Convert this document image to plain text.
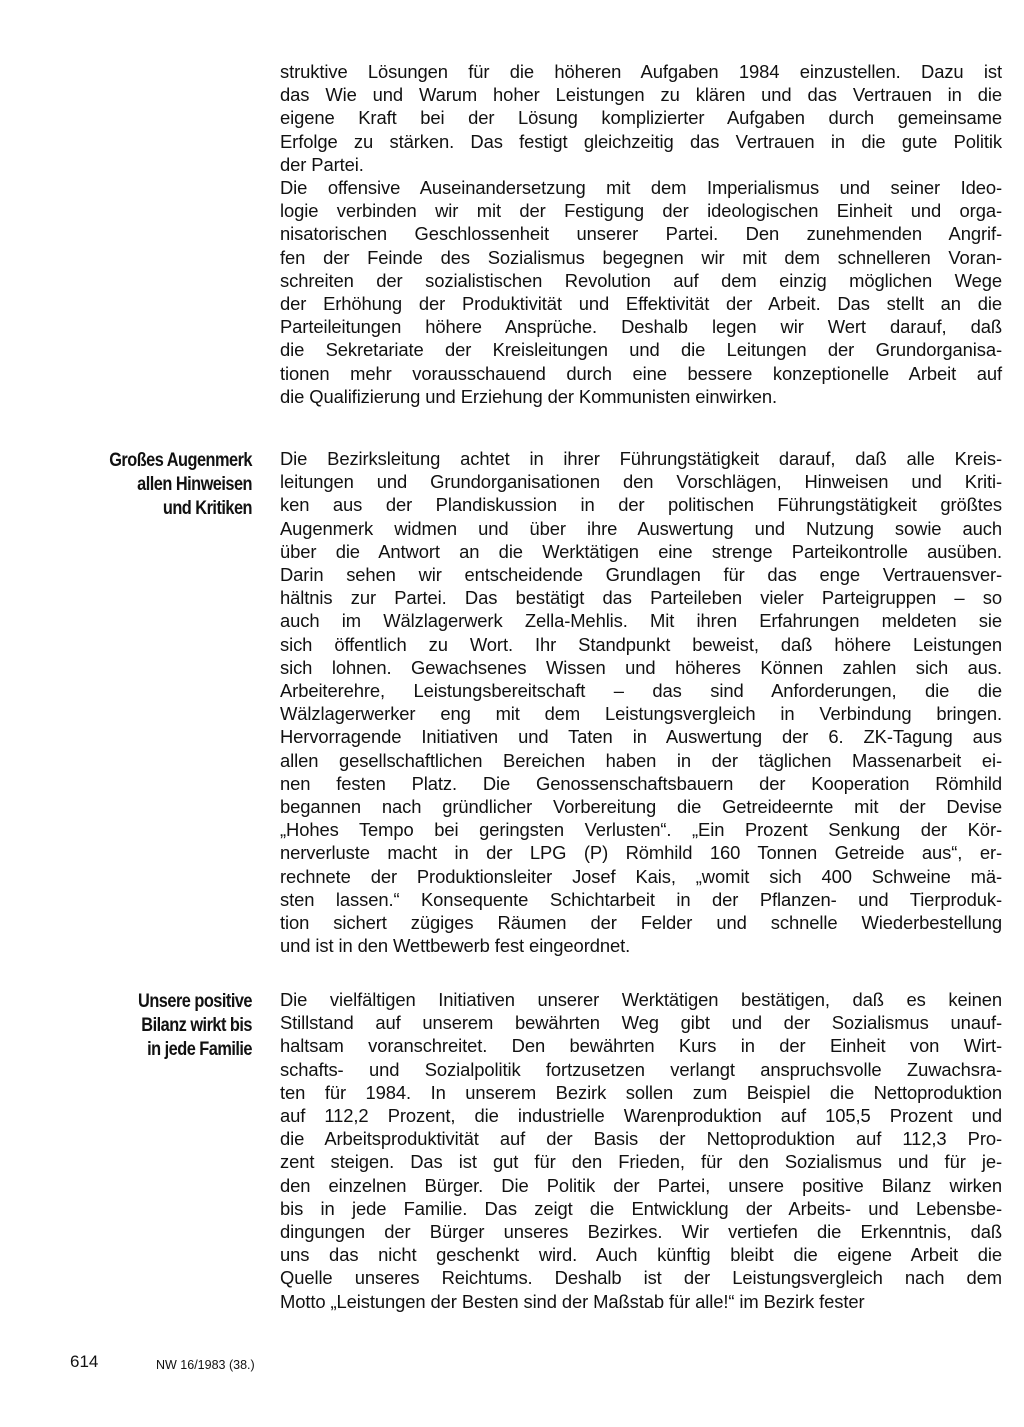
struktive Lösungen für die höheren Aufgaben 1984 einzustellen. Dazu ist
das Wie und Warum hoher Leistungen zu klären und das Vertrauen in die
eigene Kraft bei der Lösung komplizierter Aufgaben durch gemeinsame
Erfolge zu stärken. Das festigt gleichzeitig das Vertrauen in die gute Politik
der Partei.

Die offensive Auseinandersetzung mit dem Imperialismus und seiner Ideo-
logie verbinden wir mit der Festigung der ideologischen Einheit und orga-
nisatorischen Geschlossenheit unserer Partei. Den zunehmenden Angrif-
fen der Feinde des Sozialismus begegnen wir mit dem schnelleren Voran-
schreiten der sozialistischen Revolution auf dem einzig möglichen Wege
der Erhöhung der Produktivität und Effektivität der Arbeit. Das stellt an die
Parteileitungen höhere Ansprüche. Deshalb legen wir Wert darauf, daß
die Sekretariate der Kreisleitungen und die Leitungen der Grundorganisa-
tionen mehr vorausschauend durch eine bessere konzeptionelle Arbeit auf
die Qualifizierung und Erziehung der Kommunisten einwirken.

Großes Augenmerk
allen Hinweisen
und Kritiken

Die Bezirksleitung achtet in ihrer Führungstätigkeit darauf, daß alle Kreis-
leitungen und Grundorganisationen den Vorschlägen, Hinweisen und Kriti-
ken aus der Plandiskussion in der politischen Führungstätigkeit größtes
Augenmerk widmen und über ihre Auswertung und Nutzung sowie auch
über die Antwort an die Werktätigen eine strenge Parteikontrolle ausüben.
Darin sehen wir entscheidende Grundlagen für das enge Vertrauensver-
hältnis zur Partei. Das bestätigt das Parteileben vieler Parteigruppen – so
auch im Wälzlagerwerk Zella-Mehlis. Mit ihren Erfahrungen meldeten sie
sich öffentlich zu Wort. Ihr Standpunkt beweist, daß höhere Leistungen
sich lohnen. Gewachsenes Wissen und höheres Können zahlen sich aus.
Arbeiterehre, Leistungsbereitschaft – das sind Anforderungen, die die
Wälzlagerwerker eng mit dem Leistungsvergleich in Verbindung bringen.
Hervorragende Initiativen und Taten in Auswertung der 6. ZK-Tagung aus
allen gesellschaftlichen Bereichen haben in der täglichen Massenarbeit ei-
nen festen Platz. Die Genossenschaftsbauern der Kooperation Römhild
begannen nach gründlicher Vorbereitung die Getreideernte mit der Devise
„Hohes Tempo bei geringsten Verlusten“. „Ein Prozent Senkung der Kör-
nerverluste macht in der LPG (P) Römhild 160 Tonnen Getreide aus“, er-
rechnete der Produktionsleiter Josef Kais, „womit sich 400 Schweine mä-
sten lassen.“ Konsequente Schichtarbeit in der Pflanzen- und Tierproduk-
tion sichert zügiges Räumen der Felder und schnelle Wiederbestellung
und ist in den Wettbewerb fest eingeordnet.

Unsere positive
Bilanz wirkt bis
in jede Familie

Die vielfältigen Initiativen unserer Werktätigen bestätigen, daß es keinen
Stillstand auf unserem bewährten Weg gibt und der Sozialismus unauf-
haltsam voranschreitet. Den bewährten Kurs in der Einheit von Wirt-
schafts- und Sozialpolitik fortzusetzen verlangt anspruchsvolle Zuwachsra-
ten für 1984. In unserem Bezirk sollen zum Beispiel die Nettoproduktion
auf 112,2 Prozent, die industrielle Warenproduktion auf 105,5 Prozent und
die Arbeitsproduktivität auf der Basis der Nettoproduktion auf 112,3 Pro-
zent steigen. Das ist gut für den Frieden, für den Sozialismus und für je-
den einzelnen Bürger. Die Politik der Partei, unsere positive Bilanz wirken
bis in jede Familie. Das zeigt die Entwicklung der Arbeits- und Lebensbe-
dingungen der Bürger unseres Bezirkes. Wir vertiefen die Erkenntnis, daß
uns das nicht geschenkt wird. Auch künftig bleibt die eigene Arbeit die
Quelle unseres Reichtums. Deshalb ist der Leistungsvergleich nach dem
Motto „Leistungen der Besten sind der Maßstab für alle!“ im Bezirk fester

614	NW 16/1983 (38.)
